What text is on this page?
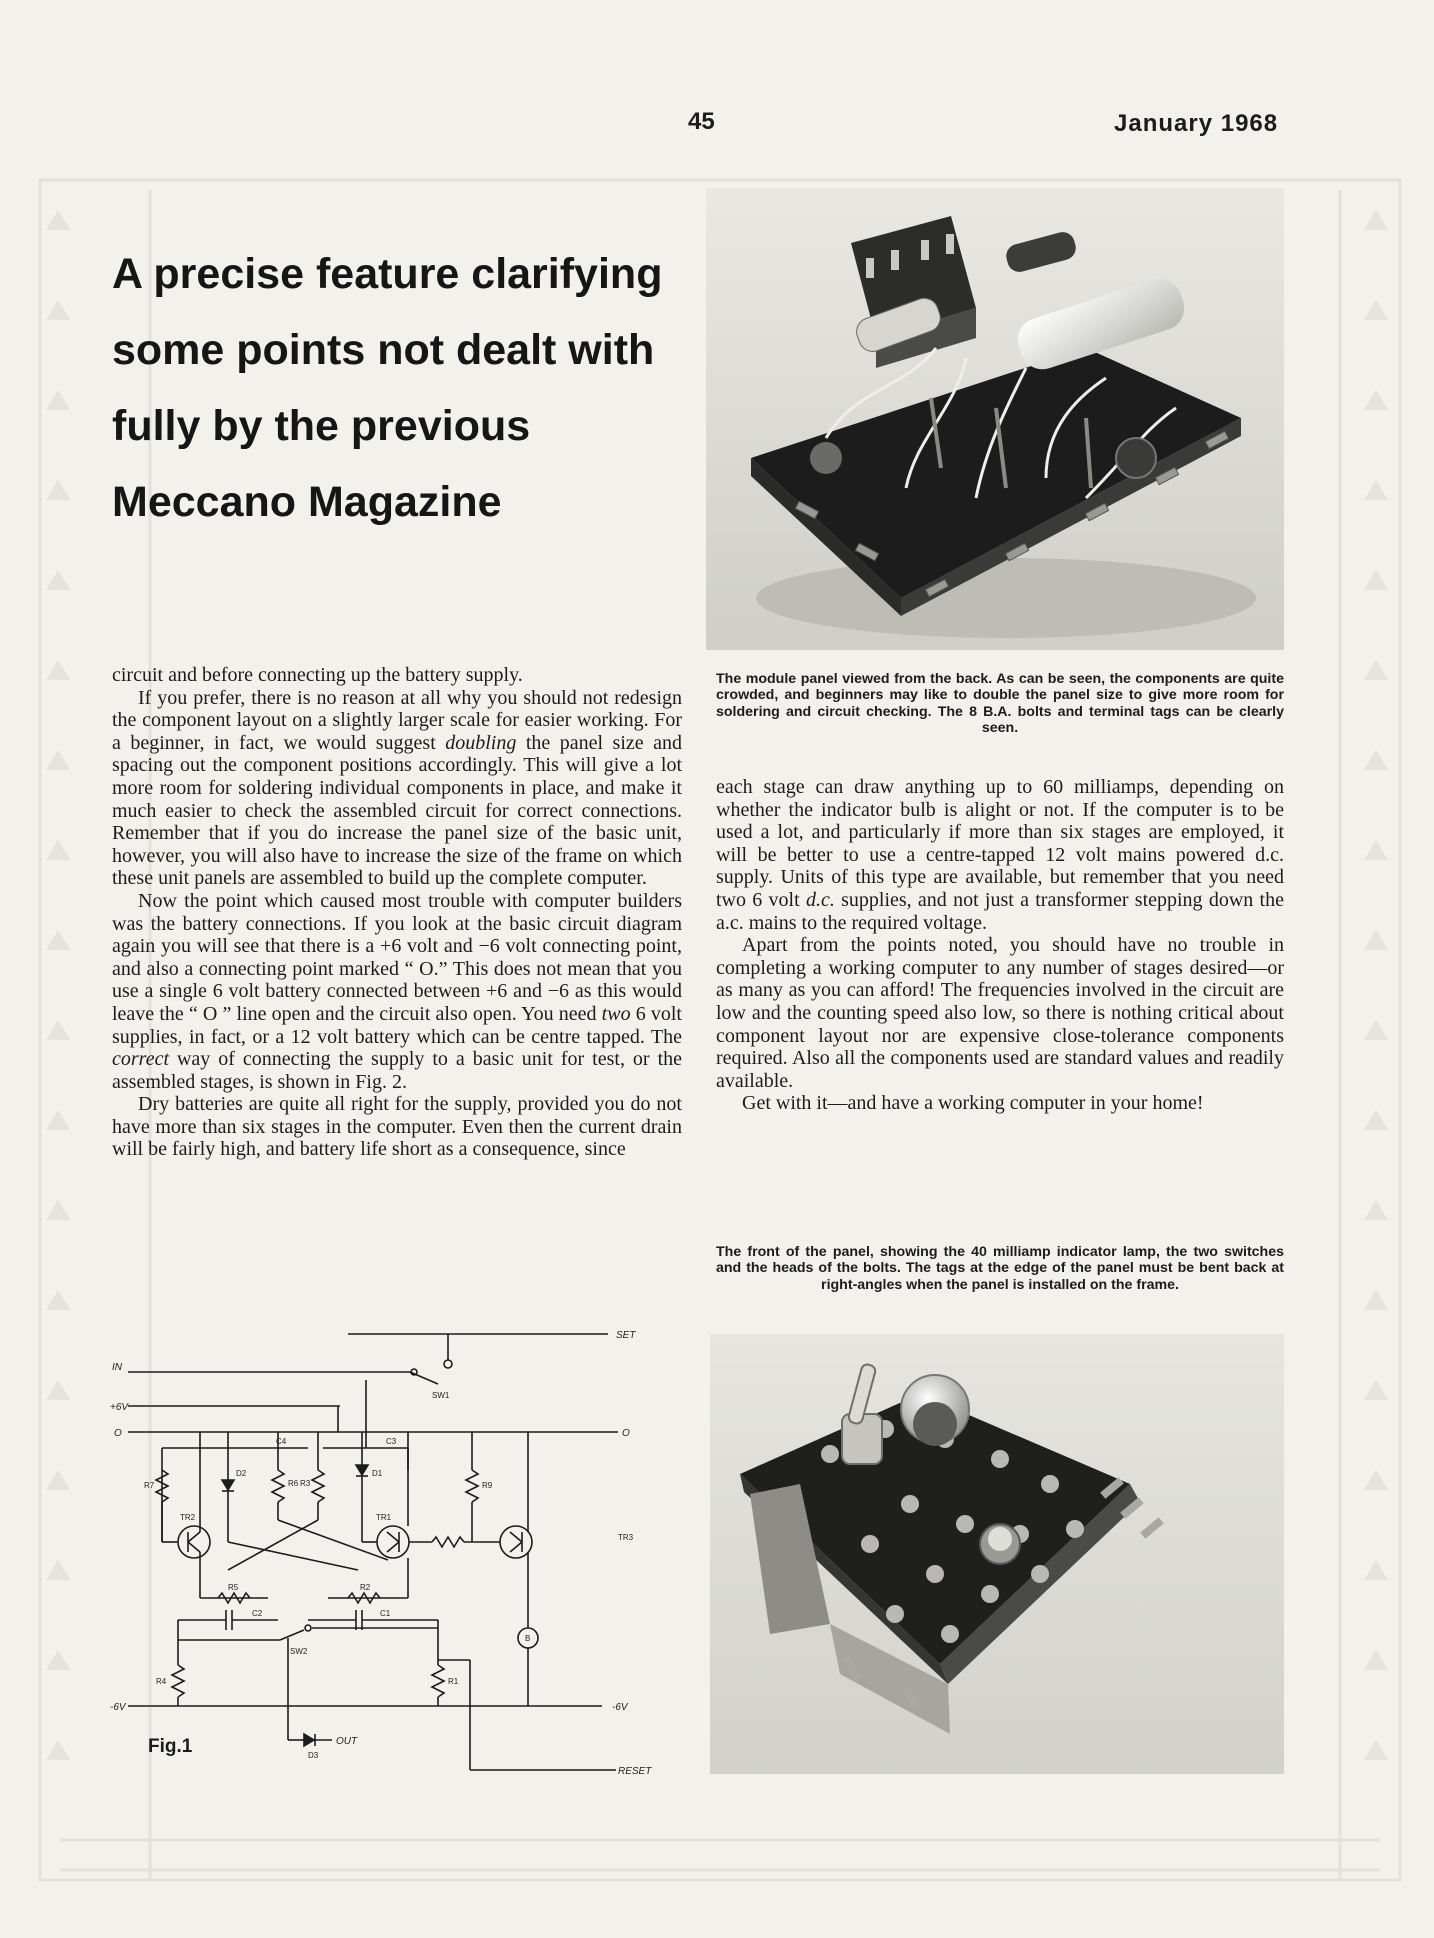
45	January 1968
A precise feature clarifying
some points not dealt with
fully by the previous
Meccano Magazine

The module panel viewed from the back. As can be seen, the components are quite crowded, and beginners may like to double the panel size to give more room for soldering and circuit checking. The 8 B.A. bolts and terminal tags can be clearly seen.

circuit and before connecting up the battery supply.

If you prefer, there is no reason at all why you should not redesign the component layout on a slightly larger scale for easier working. For a beginner, in fact, we would suggest doubling the panel size and spacing out the component positions accordingly. This will give a lot more room for soldering individual components in place, and make it much easier to check the assembled circuit for correct connections. Remember that if you do increase the panel size of the basic unit, however, you will also have to increase the size of the frame on which these unit panels are assembled to build up the complete computer.

Now the point which caused most trouble with computer builders was the battery connections. If you look at the basic circuit diagram again you will see that there is a +6 volt and −6 volt connecting point, and also a connecting point marked “ O.” This does not mean that you use a single 6 volt battery connected between +6 and −6 as this would leave the “ O ” line open and the circuit also open. You need two 6 volt supplies, in fact, or a 12 volt battery which can be centre tapped. The correct way of connecting the supply to a basic unit for test, or the assembled stages, is shown in Fig. 2.

Dry batteries are quite all right for the supply, provided you do not have more than six stages in the computer. Even then the current drain will be fairly high, and battery life short as a consequence, since

each stage can draw anything up to 60 milliamps, depending on whether the indicator bulb is alight or not. If the computer is to be used a lot, and particularly if more than six stages are employed, it will be better to use a centre-tapped 12 volt mains powered d.c. supply. Units of this type are available, but remember that you need two 6 volt d.c. supplies, and not just a transformer stepping down the a.c. mains to the required voltage.

Apart from the points noted, you should have no trouble in completing a working computer to any number of stages desired—or as many as you can afford! The frequencies involved in the circuit are low and the counting speed also low, so there is nothing critical about component layout nor are expensive close-tolerance components required. Also all the components used are standard values and readily available.

Get with it—and have a working computer in your home!

The front of the panel, showing the 40 milliamp indicator lamp, the two switches and the heads of the bolts. The tags at the edge of the panel must be bent back at right-angles when the panel is installed on the frame.

SET
IN
+6V
O	O
-6V	-6V
OUT
RESET
SW1
SW2
C4	C3
C2	C1
D1
D2
D3
R1
R2
R3
R4
R5
R6
R7	R9
TR1
TR2
TR3
B
Fig.1
